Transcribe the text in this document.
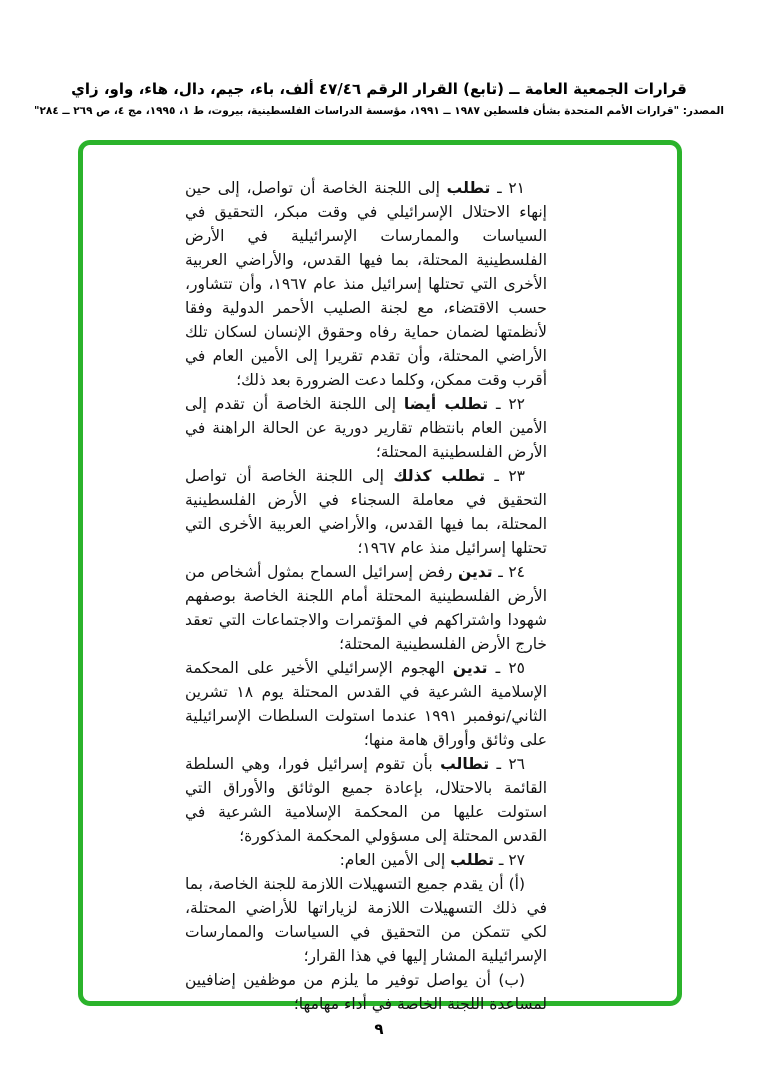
قرارات الجمعية العامة ــ (تابع) القرار الرقم ٤٧/٤٦ ألف، باء، جيم، دال، هاء، واو، زاي
المصدر: "قرارات الأمم المتحدة بشأن فلسطين ١٩٨٧ ــ ١٩٩١، مؤسسة الدراسات الفلسطينية، بيروت، ط ١، ١٩٩٥، مج ٤، ص ٢٦٩ ــ ٢٨٤"

٢١ ـ تطلب إلى اللجنة الخاصة أن تواصل، إلى حين إنهاء الاحتلال الإسرائيلي في وقت مبكر، التحقيق في السياسات والممارسات الإسرائيلية في الأرض الفلسطينية المحتلة، بما فيها القدس، والأراضي العربية الأخرى التي تحتلها إسرائيل منذ عام ١٩٦٧، وأن تتشاور، حسب الاقتضاء، مع لجنة الصليب الأحمر الدولية وفقا لأنظمتها لضمان حماية رفاه وحقوق الإنسان لسكان تلك الأراضي المحتلة، وأن تقدم تقريرا إلى الأمين العام في أقرب وقت ممكن، وكلما دعت الضرورة بعد ذلك؛

٢٢ ـ تطلب أيضا إلى اللجنة الخاصة أن تقدم إلى الأمين العام بانتظام تقارير دورية عن الحالة الراهنة في الأرض الفلسطينية المحتلة؛

٢٣ ـ تطلب كذلك إلى اللجنة الخاصة أن تواصل التحقيق في معاملة السجناء في الأرض الفلسطينية المحتلة، بما فيها القدس، والأراضي العربية الأخرى التي تحتلها إسرائيل منذ عام ١٩٦٧؛

٢٤ ـ تدين رفض إسرائيل السماح بمثول أشخاص من الأرض الفلسطينية المحتلة أمام اللجنة الخاصة بوصفهم شهودا واشتراكهم في المؤتمرات والاجتماعات التي تعقد خارج الأرض الفلسطينية المحتلة؛

٢٥ ـ تدين الهجوم الإسرائيلي الأخير على المحكمة الإسلامية الشرعية في القدس المحتلة يوم ١٨ تشرين الثاني/نوفمبر ١٩٩١ عندما استولت السلطات الإسرائيلية على وثائق وأوراق هامة منها؛

٢٦ ـ تطالب بأن تقوم إسرائيل فورا، وهي السلطة القائمة بالاحتلال، بإعادة جميع الوثائق والأوراق التي استولت عليها من المحكمة الإسلامية الشرعية في القدس المحتلة إلى مسؤولي المحكمة المذكورة؛

٢٧ ـ تطلب إلى الأمين العام:

(أ) أن يقدم جميع التسهيلات اللازمة للجنة الخاصة، بما في ذلك التسهيلات اللازمة لزياراتها للأراضي المحتلة، لكي تتمكن من التحقيق في السياسات والممارسات الإسرائيلية المشار إليها في هذا القرار؛

(ب) أن يواصل توفير ما يلزم من موظفين إضافيين لمساعدة اللجنة الخاصة في أداء مهامها؛

٩
